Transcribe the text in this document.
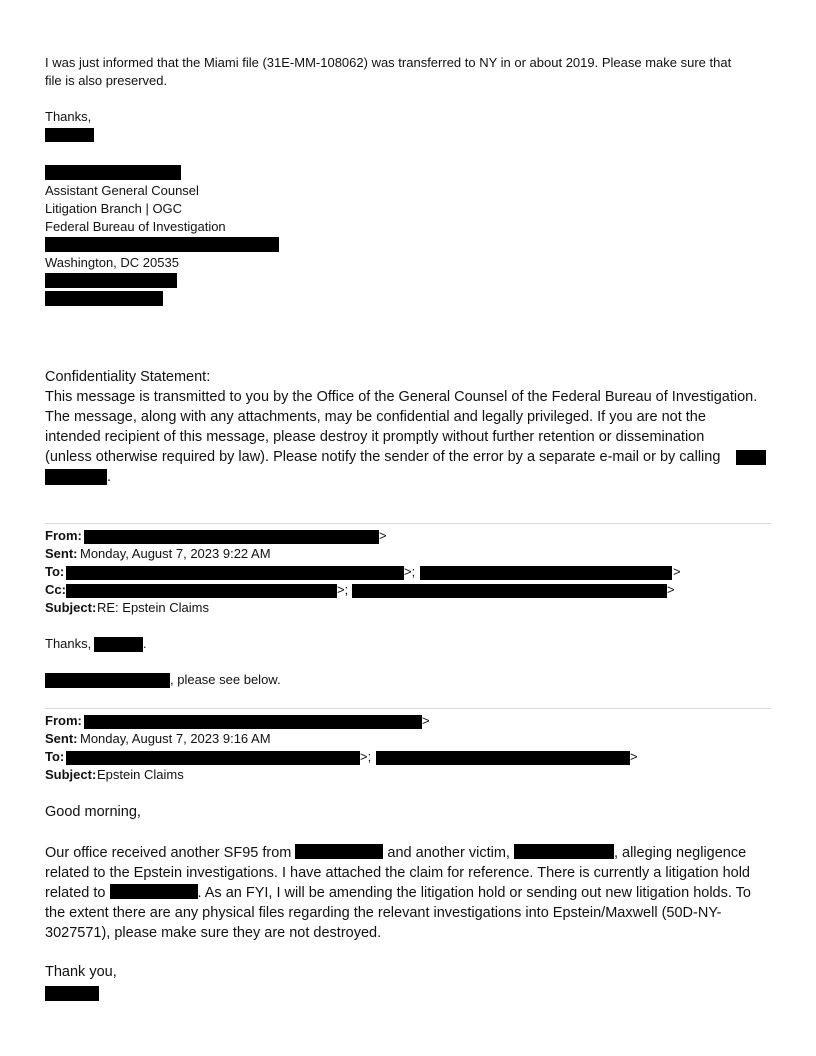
I was just informed that the Miami file (31E-MM-108062) was transferred to NY in or about 2019. Please make sure that
file is also preserved.
Thanks,
Assistant General Counsel
Litigation Branch | OGC
Federal Bureau of Investigation
Washington, DC 20535
Confidentiality Statement:
This message is transmitted to you by the Office of the General Counsel of the Federal Bureau of Investigation.
The message, along with any attachments, may be confidential and legally privileged. If you are not the
intended recipient of this message, please destroy it promptly without further retention or dissemination
(unless otherwise required by law). Please notify the sender of the error by a separate e-mail or by calling
.
From:	>
Sent: Monday, August 7, 2023 9:22 AM
To:	>;	>
Cc:	>;	>
Subject: RE: Epstein Claims
Thanks,	.
, please see below.
From:	>
Sent: Monday, August 7, 2023 9:16 AM
To:	>;	>
Subject: Epstein Claims
Good morning,
Our office received another SF95 from	and another victim,	, alleging negligence
related to the Epstein investigations. I have attached the claim for reference. There is currently a litigation hold
related to	. As an FYI, I will be amending the litigation hold or sending out new litigation holds. To
the extent there are any physical files regarding the relevant investigations into Epstein/Maxwell (50D-NY-
3027571), please make sure they are not destroyed.
Thank you,
